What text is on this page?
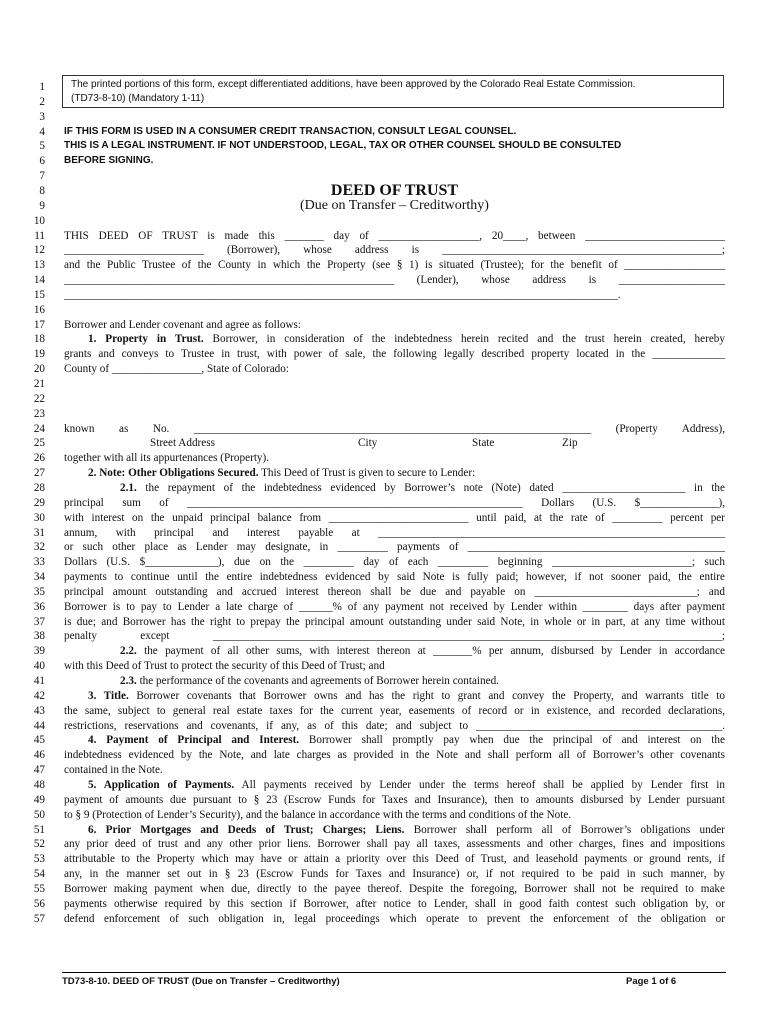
The printed portions of this form, except differentiated additions, have been approved by the Colorado Real Estate Commission.
(TD73-8-10) (Mandatory 1-11)
1
2
3
4 IF THIS FORM IS USED IN A CONSUMER CREDIT TRANSACTION, CONSULT LEGAL COUNSEL.
5 THIS IS A LEGAL INSTRUMENT. IF NOT UNDERSTOOD, LEGAL, TAX OR OTHER COUNSEL SHOULD BE CONSULTED
6 BEFORE SIGNING.
7
8	DEED OF TRUST
9	(Due on Transfer – Creditworthy)
10
11 THIS DEED OF TRUST is made this _______ day of __________________, 20____, between _________________________
12 _________________________ (Borrower), whose address is __________________________________________________;
13 and the Public Trustee of the County in which the Property (see § 1) is situated (Trustee); for the benefit of __________________
14 ___________________________________________________________ (Lender), whose address is ___________________
15 ___________________________________________________________________________________________________.
16
17 Borrower and Lender covenant and agree as follows:
18	1. Property in Trust. Borrower, in consideration of the indebtedness herein recited and the trust herein created, hereby
19 grants and conveys to Trustee in trust, with power of sale, the following legally described property located in the _____________
20 County of ________________, State of Colorado:
21
22
23
24 known as No. _______________________________________________________________________ (Property Address),
25	Street Address	City	State	Zip
26 together with all its appurtenances (Property).
27	2. Note: Other Obligations Secured. This Deed of Trust is given to secure to Lender:
28	2.1. the repayment of the indebtedness evidenced by Borrower’s note (Note) dated ______________________ in the
29 principal sum of ____________________________________________________________ Dollars (U.S. $______________),
30 with interest on the unpaid principal balance from _________________________ until paid, at the rate of _________ percent per
31 annum, with principal and interest payable at ______________________________________________________________
32 or such other place as Lender may designate, in _________ payments of ______________________________________________
33 Dollars (U.S. $_____________), due on the _________ day of each _________ beginning _________________________; such
34 payments to continue until the entire indebtedness evidenced by said Note is fully paid; however, if not sooner paid, the entire
35 principal amount outstanding and accrued interest thereon shall be due and payable on _____________________________; and
36 Borrower is to pay to Lender a late charge of ______% of any payment not received by Lender within ________ days after payment
37 is due; and Borrower has the right to prepay the principal amount outstanding under said Note, in whole or in part, at any time without
38 penalty except ___________________________________________________________________________________________;
39	2.2. the payment of all other sums, with interest thereon at _______% per annum, disbursed by Lender in accordance
40 with this Deed of Trust to protect the security of this Deed of Trust; and
41	2.3. the performance of the covenants and agreements of Borrower herein contained.
42	3. Title. Borrower covenants that Borrower owns and has the right to grant and convey the Property, and warrants title to
43 the same, subject to general real estate taxes for the current year, easements of record or in existence, and recorded declarations,
44 restrictions, reservations and covenants, if any, as of this date; and subject to ____________________________________________.
45	4. Payment of Principal and Interest. Borrower shall promptly pay when due the principal of and interest on the
46 indebtedness evidenced by the Note, and late charges as provided in the Note and shall perform all of Borrower’s other covenants
47 contained in the Note.
48	5. Application of Payments. All payments received by Lender under the terms hereof shall be applied by Lender first in
49 payment of amounts due pursuant to § 23 (Escrow Funds for Taxes and Insurance), then to amounts disbursed by Lender pursuant
50 to § 9 (Protection of Lender’s Security), and the balance in accordance with the terms and conditions of the Note.
51	6. Prior Mortgages and Deeds of Trust; Charges; Liens. Borrower shall perform all of Borrower’s obligations under
52 any prior deed of trust and any other prior liens. Borrower shall pay all taxes, assessments and other charges, fines and impositions
53 attributable to the Property which may have or attain a priority over this Deed of Trust, and leasehold payments or ground rents, if
54 any, in the manner set out in § 23 (Escrow Funds for Taxes and Insurance) or, if not required to be paid in such manner, by
55 Borrower making payment when due, directly to the payee thereof. Despite the foregoing, Borrower shall not be required to make
56 payments otherwise required by this section if Borrower, after notice to Lender, shall in good faith contest such obligation by, or
57 defend enforcement of such obligation in, legal proceedings which operate to prevent the enforcement of the obligation or
TD73-8-10. DEED OF TRUST (Due on Transfer – Creditworthy)	Page 1 of 6
